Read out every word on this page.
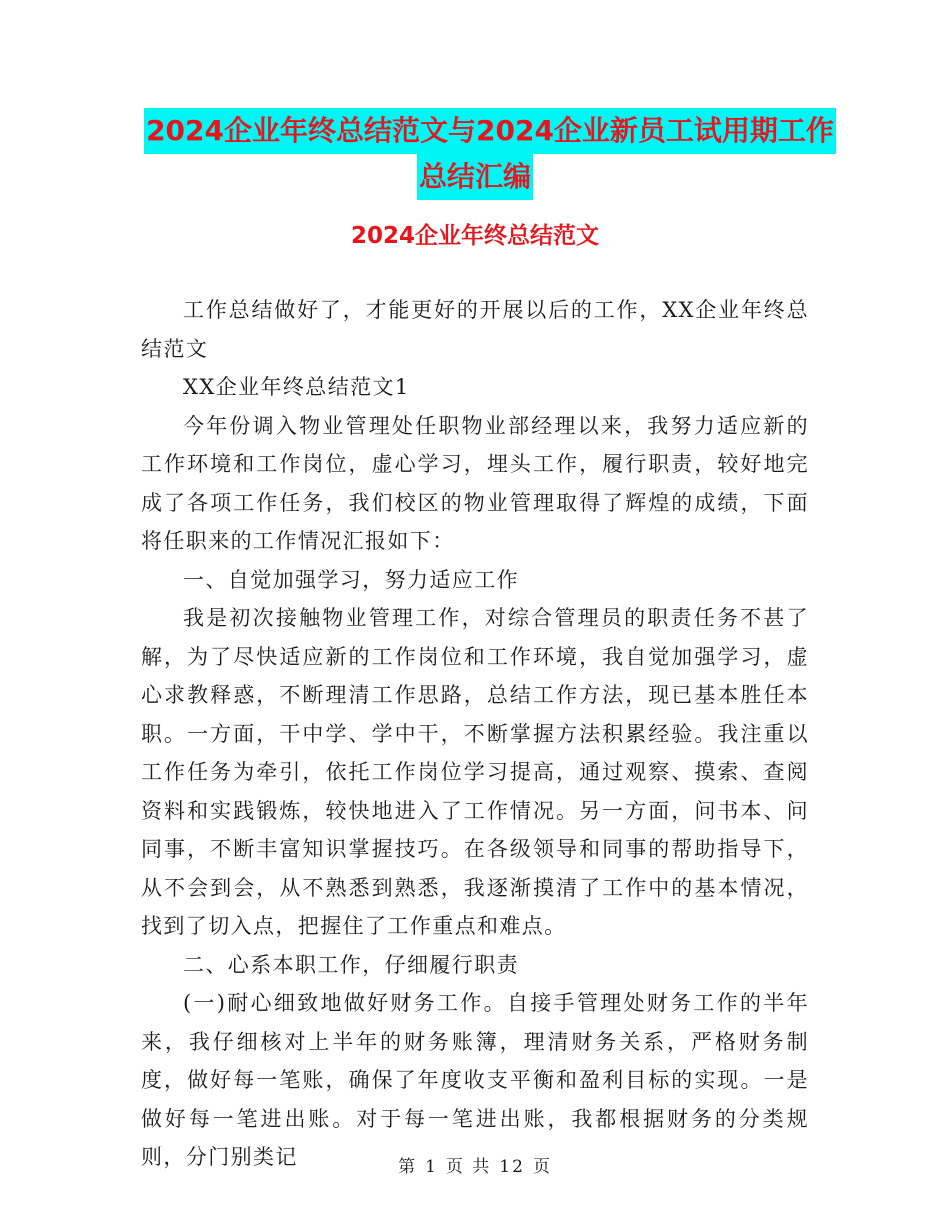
2024企业年终总结范文与2024企业新员工试用期工作
总结汇编
2024企业年终总结范文

工作总结做好了，才能更好的开展以后的工作，XX企业年终总结范文

XX企业年终总结范文1

今年份调入物业管理处任职物业部经理以来，我努力适应新的工作环境和工作岗位，虚心学习，埋头工作，履行职责，较好地完成了各项工作任务，我们校区的物业管理取得了辉煌的成绩，下面将任职来的工作情况汇报如下：

一、自觉加强学习，努力适应工作

我是初次接触物业管理工作，对综合管理员的职责任务不甚了解，为了尽快适应新的工作岗位和工作环境，我自觉加强学习，虚心求教释惑，不断理清工作思路，总结工作方法，现已基本胜任本职。一方面，干中学、学中干，不断掌握方法积累经验。我注重以工作任务为牵引，依托工作岗位学习提高，通过观察、摸索、查阅资料和实践锻炼，较快地进入了工作情况。另一方面，问书本、问同事，不断丰富知识掌握技巧。在各级领导和同事的帮助指导下，从不会到会，从不熟悉到熟悉，我逐渐摸清了工作中的基本情况，找到了切入点，把握住了工作重点和难点。

二、心系本职工作，仔细履行职责

(一)耐心细致地做好财务工作。自接手管理处财务工作的半年来，我仔细核对上半年的财务账簿，理清财务关系，严格财务制度，做好每一笔账，确保了年度收支平衡和盈利目标的实现。一是做好每一笔进出账。对于每一笔进出账，我都根据财务的分类规则，分门别类记	第 1 页 共 12 页
